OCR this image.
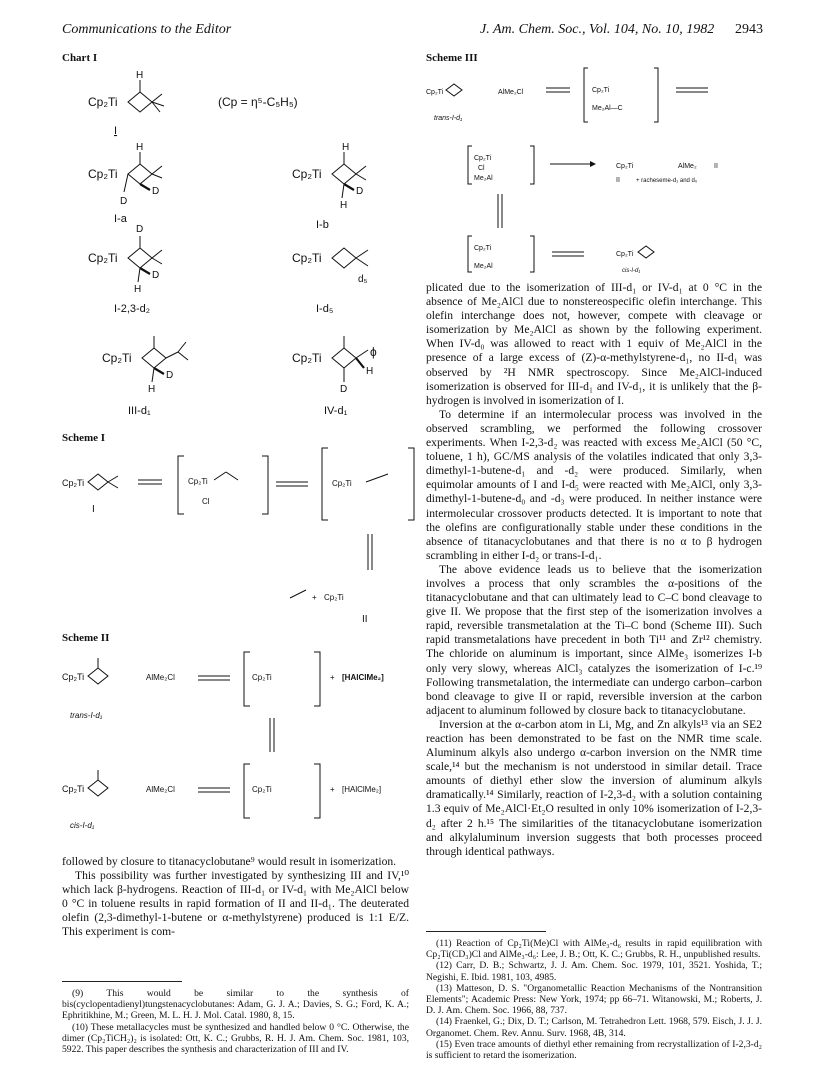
Communications to the Editor	J. Am. Chem. Soc., Vol. 104, No. 10, 1982 2943
Chart I
Cp₂Ti
H
(Cp = η⁵-C₅H₅)
I
Cp₂Ti
H
D
D
I-a
Cp₂Ti
H
D
H
I-b
Cp₂Ti
D
D
H
I-2,3-d₂
Cp₂Ti
d₅
I-d₅
Cp₂Ti
D
H
III-d₁
Cp₂Ti	ϕ
H
D
IV-d₁
Scheme I
Cp₂Ti
I
Cp₂Ti
Cl
Cp₂Ti
+ Cp₂Ti
II
Scheme II
Cp₂Ti
trans-I-d₁
AlMe₂Cl	Cp₂Ti	+ [HAlClMe₂]
Cp₂Ti
cis-I-d₁
AlMe₂Cl	Cp₂Ti	+ [HAlClMe₂]

followed by closure to titanacyclobutane⁹ would result in isomerization.

This possibility was further investigated by synthesizing III and IV,¹⁰ which lack β-hydrogens. Reaction of III-d₁ or IV-d₁ with Me₂AlCl below 0 °C in toluene results in rapid formation of II and II-d₁. The deuterated olefin (2,3-dimethyl-1-butene or α-methylstyrene) produced is 1:1 E/Z. This experiment is com-

(9) This would be similar to the synthesis of bis(cyclopentadienyl)tungstenacyclobutanes: Adam, G. J. A.; Davies, S. G.; Ford, K. A.; Ephritikhine, M.; Green, M. L. H. J. Mol. Catal. 1980, 8, 15.

(10) These metallacycles must be synthesized and handled below 0 °C. Otherwise, the dimer (Cp₂TiCH₂)₂ is isolated: Ott, K. C.; Grubbs, R. H. J. Am. Chem. Soc. 1981, 103, 5922. This paper describes the synthesis and characterization of III and IV.

Scheme III
Cp₂Ti
trans-I-d₁
AlMe₂Cl	Cp₂Ti
Me₂Al—C
Cp₂Ti
Cl
Me₂Al
Cp₂Ti	AlMe₂ II
II	+ racheseme-d₁ and d₀
Cp₂Ti
Me₂Al
Cp₂Ti
cis-I-d₁

plicated due to the isomerization of III-d₁ or IV-d₁ at 0 °C in the absence of Me₂AlCl due to nonstereospecific olefin interchange. This olefin interchange does not, however, compete with cleavage or isomerization by Me₂AlCl as shown by the following experiment. When IV-d₀ was allowed to react with 1 equiv of Me₂AlCl in the presence of a large excess of (Z)-α-methylstyrene-d₁, no II-d₁ was observed by ²H NMR spectroscopy. Since Me₂AlCl-induced isomerization is observed for III-d₁ and IV-d₁, it is unlikely that the β-hydrogen is involved in isomerization of I.

To determine if an intermolecular process was involved in the observed scrambling, we performed the following crossover experiments. When I-2,3-d₂ was reacted with excess Me₂AlCl (50 °C, toluene, 1 h), GC/MS analysis of the volatiles indicated that only 3,3-dimethyl-1-butene-d₁ and -d₂ were produced. Similarly, when equimolar amounts of I and I-d₅ were reacted with Me₂AlCl, only 3,3-dimethyl-1-butene-d₀ and -d₃ were produced. In neither instance were intermolecular crossover products detected. It is important to note that the olefins are configurationally stable under these conditions in the absence of titanacyclobutanes and that there is no α to β hydrogen scrambling in either I-d₂ or trans-I-d₁.

The above evidence leads us to believe that the isomerization involves a process that only scrambles the α-positions of the titanacyclobutane and that can ultimately lead to C–C bond cleavage to give II. We propose that the first step of the isomerization involves a rapid, reversible transmetalation at the Ti–C bond (Scheme III). Such rapid transmetalations have precedent in both Ti¹¹ and Zr¹² chemistry. The chloride on aluminum is important, since AlMe₃ isomerizes I-b only very slowy, whereas AlCl₃ catalyzes the isomerization of I-c.¹⁹ Following transmetalation, the intermediate can undergo carbon–carbon bond cleavage to give II or rapid, reversible inversion at the carbon adjacent to aluminum followed by closure back to titanacyclobutane.

Inversion at the α-carbon atom in Li, Mg, and Zn alkyls¹³ via an SE2 reaction has been demonstrated to be fast on the NMR time scale. Aluminum alkyls also undergo α-carbon inversion on the NMR time scale,¹⁴ but the mechanism is not understood in similar detail. Trace amounts of diethyl ether slow the inversion of aluminum alkyls dramatically.¹⁴ Similarly, reaction of I-2,3-d₂ with a solution containing 1.3 equiv of Me₂AlCl·Et₂O resulted in only 10% isomerization of I-2,3-d₂ after 2 h.¹⁵ The similarities of the titanacyclobutane isomerization and alkylaluminum inversion suggests that both processes proceed through identical pathways.

(11) Reaction of Cp₂Ti(Me)Cl with AlMe₃-d₆ results in rapid equilibration with Cp₂Ti(CD₃)Cl and AlMe₃-d₆: Lee, J. B.; Ott, K. C.; Grubbs, R. H., unpublished results.

(12) Carr, D. B.; Schwartz, J. J. Am. Chem. Soc. 1979, 101, 3521. Yoshida, T.; Negishi, E. Ibid. 1981, 103, 4985.

(13) Matteson, D. S. "Organometallic Reaction Mechanisms of the Nontransition Elements"; Academic Press: New York, 1974; pp 66–71. Witanowski, M.; Roberts, J. D. J. Am. Chem. Soc. 1966, 88, 737.

(14) Fraenkel, G.; Dix, D. T.; Carlson, M. Tetrahedron Lett. 1968, 579. Eisch, J. J. J. Organomet. Chem. Rev. Annu. Surv. 1968, 4B, 314.

(15) Even trace amounts of diethyl ether remaining from recrystallization of I-2,3-d₂ is sufficient to retard the isomerization.
